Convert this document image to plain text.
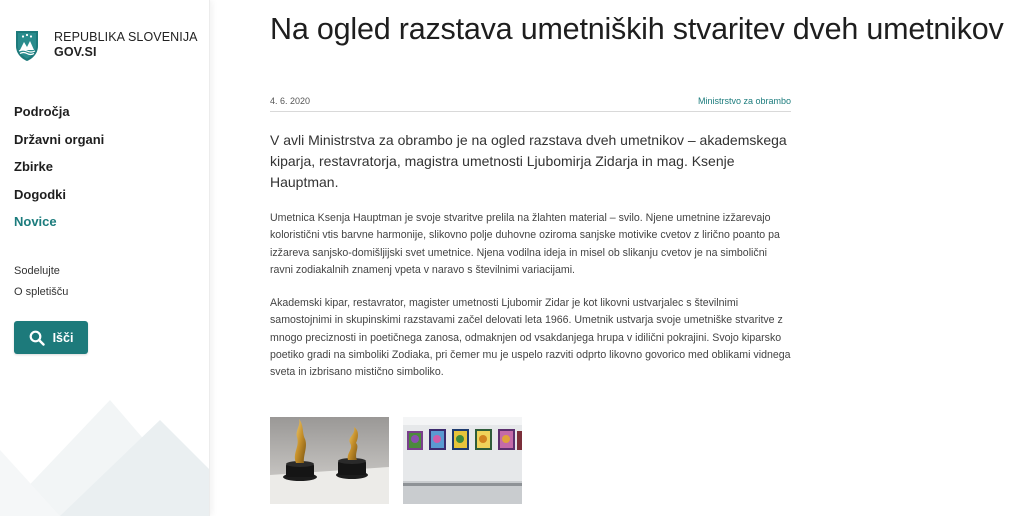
REPUBLIKA SLOVENIJA
GOV.SI
Področja
Državni organi
Zbirke
Dogodki
Novice
Sodelujte
O spletišču
Išči
Na ogled razstava umetniških stvaritev dveh umetnikov
4. 6. 2020	Ministrstvo za obrambo

V avli Ministrstva za obrambo je na ogled razstava dveh umetnikov – akademskega kiparja, restavratorja, magistra umetnosti Ljubomirja Zidarja in mag. Ksenje Hauptman.

Umetnica Ksenja Hauptman je svoje stvaritve prelila na žlahten material – svilo. Njene umetnine izžarevajo koloristični vtis barvne harmonije, slikovno polje duhovne oziroma sanjske motivike cvetov z lirično poanto pa izžareva sanjsko-domišljijski svet umetnice. Njena vodilna ideja in misel ob slikanju cvetov je na simbolični ravni zodiakalnih znamenj vpeta v naravo s številnimi variacijami.

Akademski kipar, restavrator, magister umetnosti Ljubomir Zidar je kot likovni ustvarjalec s številnimi samostojnimi in skupinskimi razstavami začel delovati leta 1966. Umetnik ustvarja svoje umetniške stvaritve z mnogo preciznosti in poetičnega zanosa, odmaknjen od vsakdanjega hrupa v idilični pokrajini. Svojo kiparsko poetiko gradi na simboliki Zodiaka, pri čemer mu je uspelo razviti odprto likovno govorico med oblikami vidnega sveta in izbrisano mistično simboliko.
